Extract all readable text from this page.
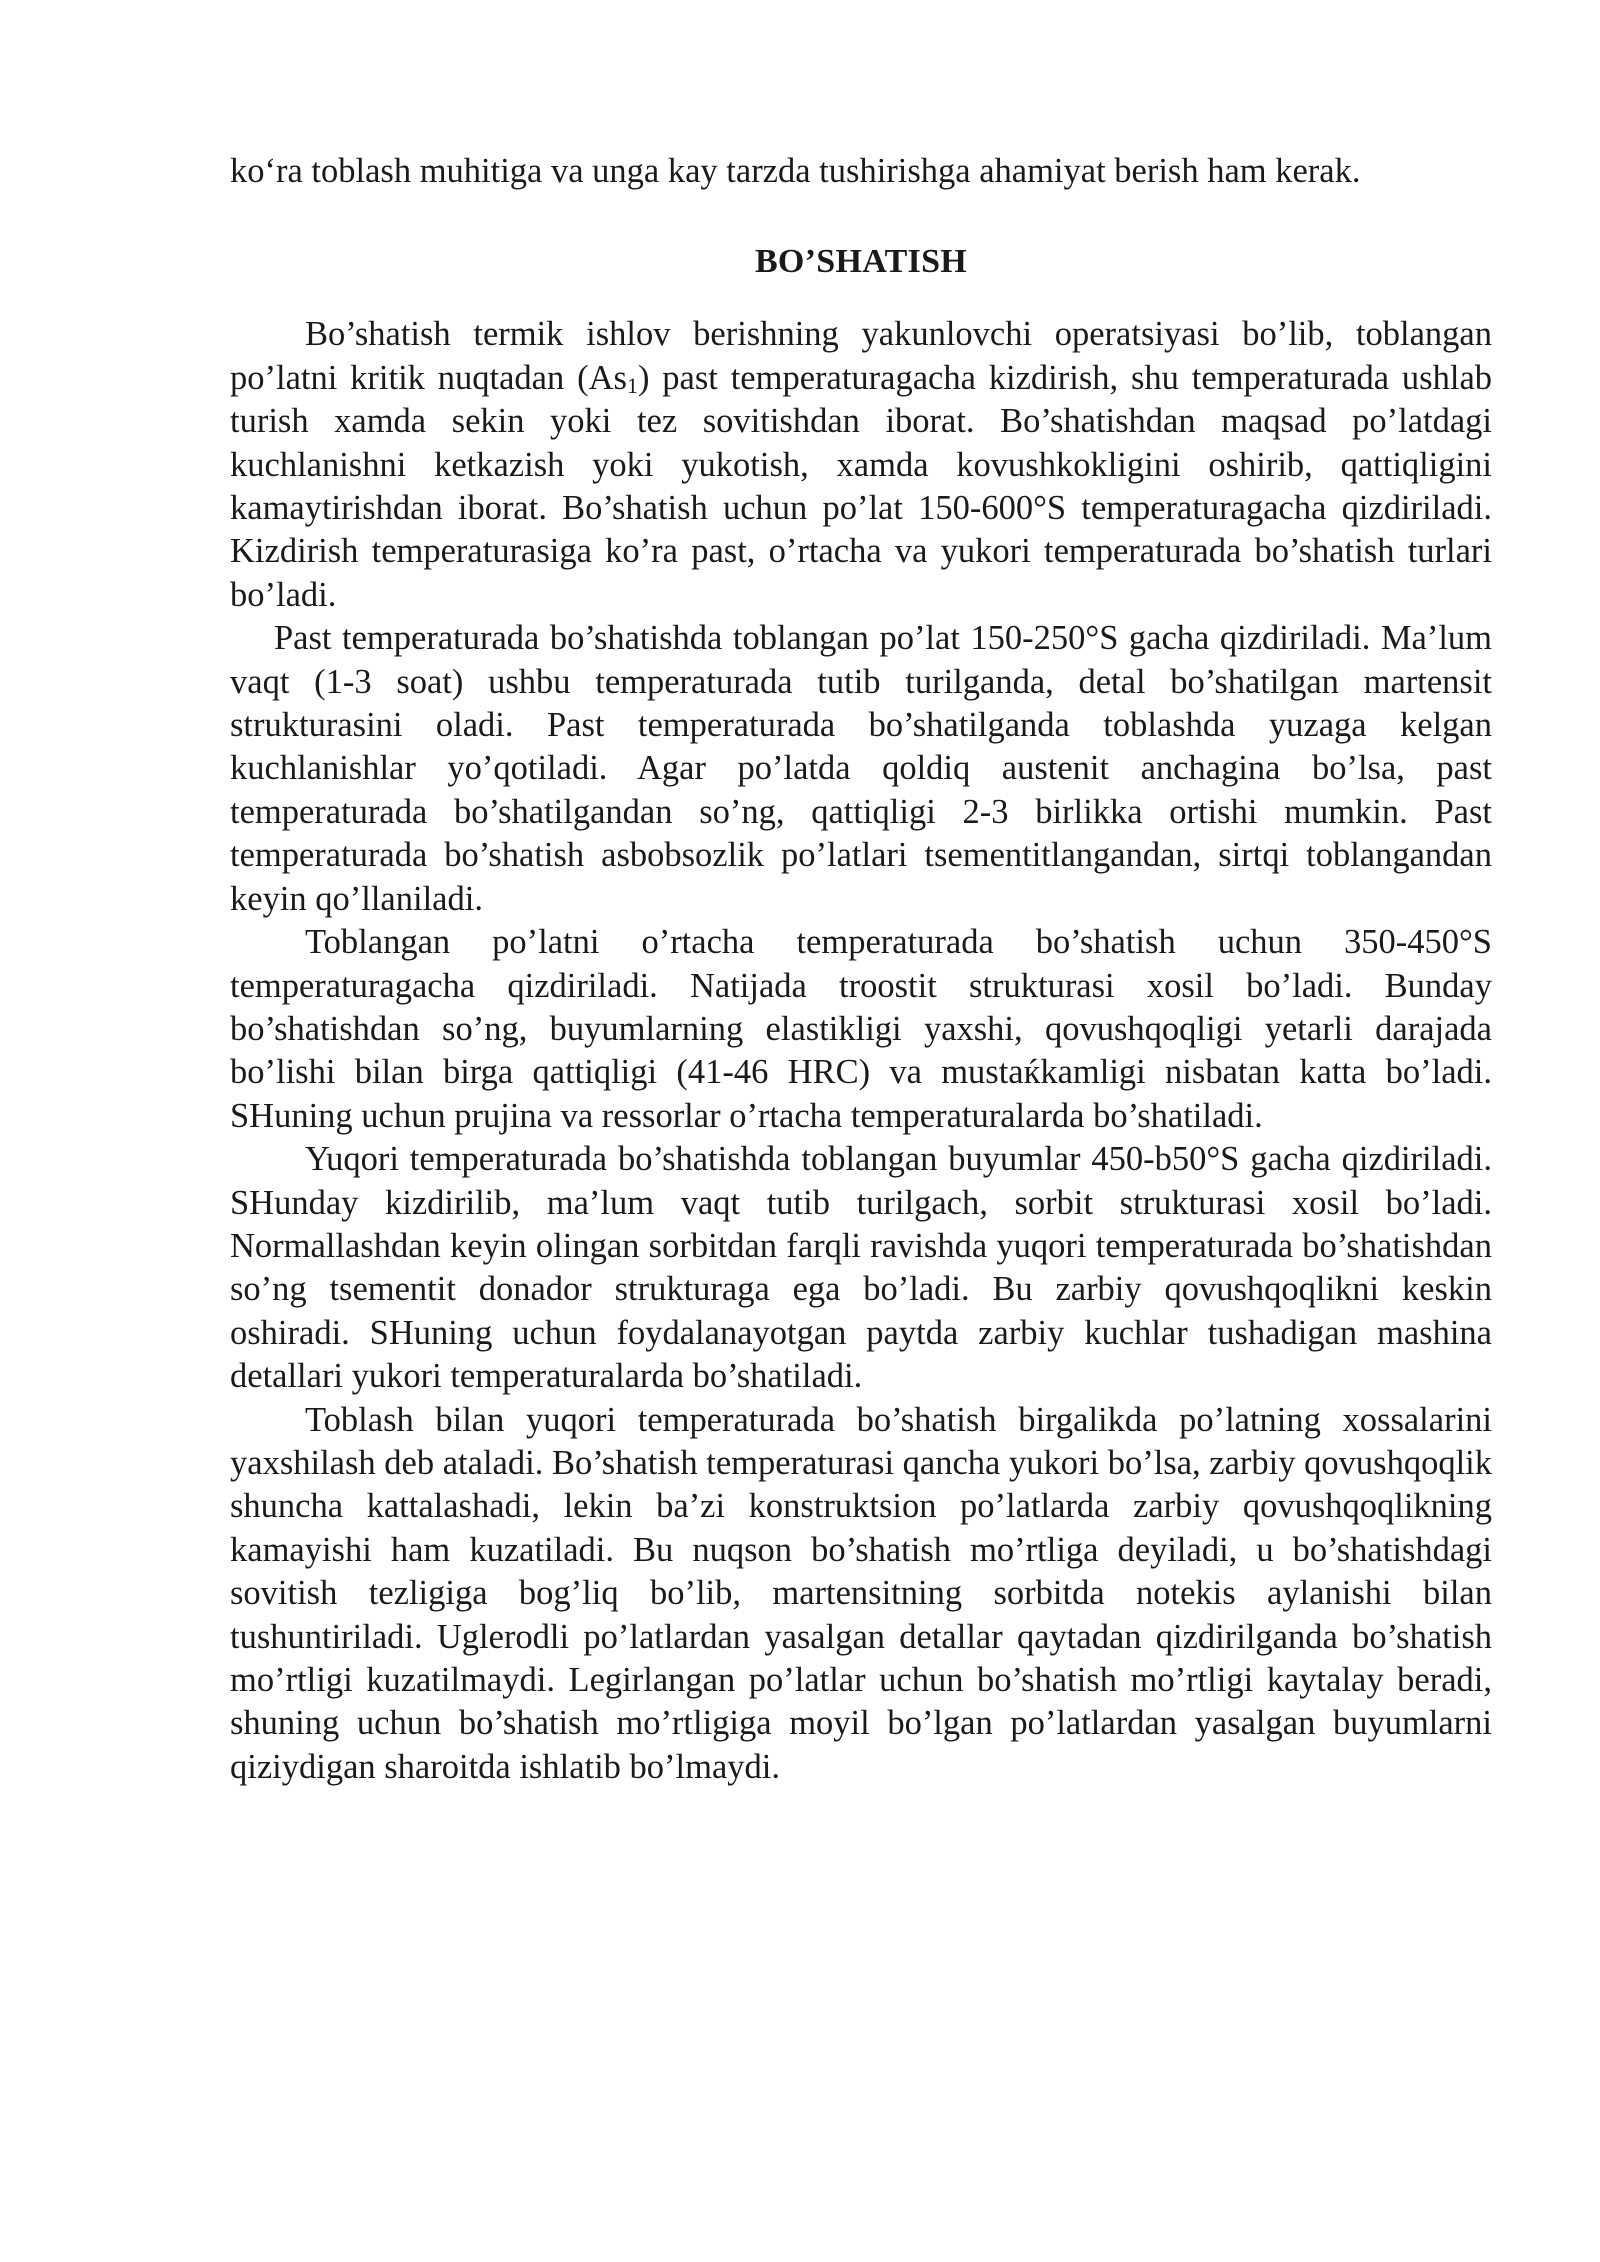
ko‘ra toblash muhitiga va unga kay tarzda tushirishga ahamiyat berish ham kerak.

BO’SHATISH

Bo’shatish termik ishlov berishning yakunlovchi operatsiyasi bo’lib, toblangan po’latni kritik nuqtadan (As1) past temperaturagacha kizdirish, shu temperaturada ushlab turish xamda sekin yoki tez sovitishdan iborat. Bo’shatishdan maqsad po’latdagi kuchlanishni ketkazish yoki yukotish, xamda kovushkokligini oshirib, qattiqligini kamaytirishdan iborat. Bo’shatish uchun po’lat 150-600°S temperaturagacha qizdiriladi. Kizdirish temperaturasiga ko’ra past, o’rtacha va yukori temperaturada bo’shatish turlari bo’ladi.

Past temperaturada bo’shatishda toblangan po’lat 150-250°S gacha qizdiriladi. Ma’lum vaqt (1-3 soat) ushbu temperaturada tutib turilganda, detal bo’shatilgan martensit strukturasini oladi. Past temperaturada bo’shatilganda toblashda yuzaga kelgan kuchlanishlar yo’qotiladi. Agar po’latda qoldiq austenit anchagina bo’lsa, past temperaturada bo’shatilgandan so’ng, qattiqligi 2-3 birlikka ortishi mumkin. Past temperaturada bo’shatish asbobsozlik po’latlari tsementitlangandan, sirtqi toblangandan keyin qo’llaniladi.

Toblangan po’latni o’rtacha temperaturada bo’shatish uchun 350-450°S temperaturagacha qizdiriladi. Natijada troostit strukturasi xosil bo’ladi. Bunday bo’shatishdan so’ng, buyumlarning elastikligi yaxshi, qovushqoqligi yetarli darajada bo’lishi bilan birga qattiqligi (41-46 HRC) va mustaќkamligi nisbatan katta bo’ladi. SHuning uchun prujina va ressorlar o’rtacha temperaturalarda bo’shatiladi.

Yuqori temperaturada bo’shatishda toblangan buyumlar 450-b50°S gacha qizdiriladi. SHunday kizdirilib, ma’lum vaqt tutib turilgach, sorbit strukturasi xosil bo’ladi. Normallashdan keyin olingan sorbitdan farqli ravishda yuqori temperaturada bo’shatishdan so’ng tsementit donador strukturaga ega bo’ladi. Bu zarbiy qovushqoqlikni keskin oshiradi. SHuning uchun foydalanayotgan paytda zarbiy kuchlar tushadigan mashina detallari yukori temperaturalarda bo’shatiladi.

Toblash bilan yuqori temperaturada bo’shatish birgalikda po’latning xossalarini yaxshilash deb ataladi. Bo’shatish temperaturasi qancha yukori bo’lsa, zarbiy qovushqoqlik shuncha kattalashadi, lekin ba’zi konstruktsion po’latlarda zarbiy qovushqoqlikning kamayishi ham kuzatiladi. Bu nuqson bo’shatish mo’rtliga deyiladi, u bo’shatishdagi sovitish tezligiga bog’liq bo’lib, martensitning sorbitda notekis aylanishi bilan tushuntiriladi. Uglerodli po’latlardan yasalgan detallar qaytadan qizdirilganda bo’shatish mo’rtligi kuzatilmaydi. Legirlangan po’latlar uchun bo’shatish mo’rtligi kaytalay beradi, shuning uchun bo’shatish mo’rtligiga moyil bo’lgan po’latlardan yasalgan buyumlarni qiziydigan sharoitda ishlatib bo’lmaydi.
